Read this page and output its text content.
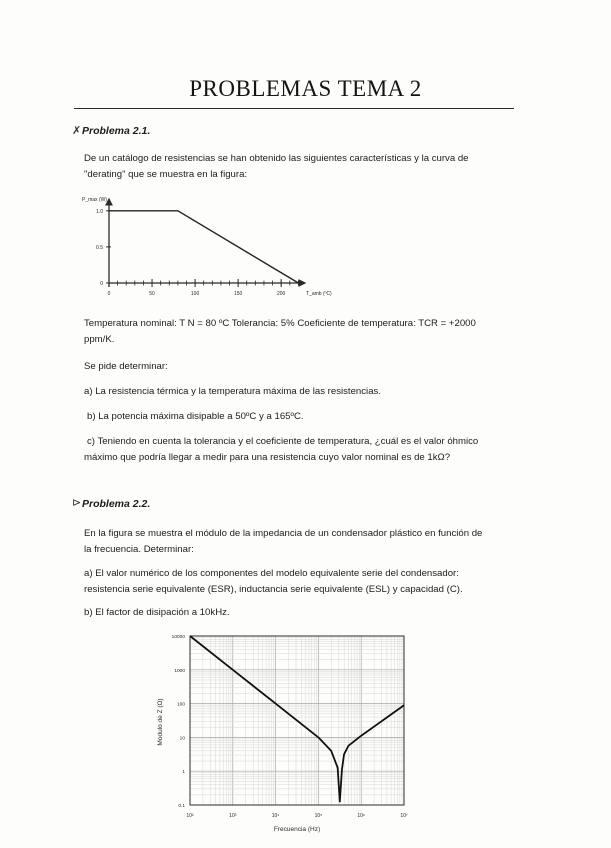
PROBLEMAS TEMA 2
✗ Problema 2.1.
De un catálogo de resistencias se han obtenido las siguientes características y la curva de
"derating" que se muestra en la figura:
P_max (W)
T_amb (ºC)
0
0.5
1.0
0	50	100	150	200
Temperatura nominal: T N = 80 ºC Tolerancia: 5% Coeficiente de temperatura: TCR = +2000
ppm/K.
Se pide determinar:
a) La resistencia térmica y la temperatura máxima de las resistencias.
b) La potencia máxima disipable a 50ºC y a 165ºC.
c) Teniendo en cuenta la tolerancia y el coeficiente de temperatura, ¿cuál es el valor óhmico
máximo que podría llegar a medir para una resistencia cuyo valor nominal es de 1kΩ?
⊳ Problema 2.2.
En la figura se muestra el módulo de la impedancia de un condensador plástico en función de
la frecuencia. Determinar:
a) El valor numérico de los componentes del modelo equivalente serie del condensador:
resistencia serie equivalente (ESR), inductancia serie equivalente (ESL) y capacidad (C).
b) El factor de disipación a 10kHz.
0.1
1
10
100
1000
10000
10²	10³	10⁴	10⁵	10⁶	10⁷
Modulo de Z (Ω)
Frecuencia (Hz)
